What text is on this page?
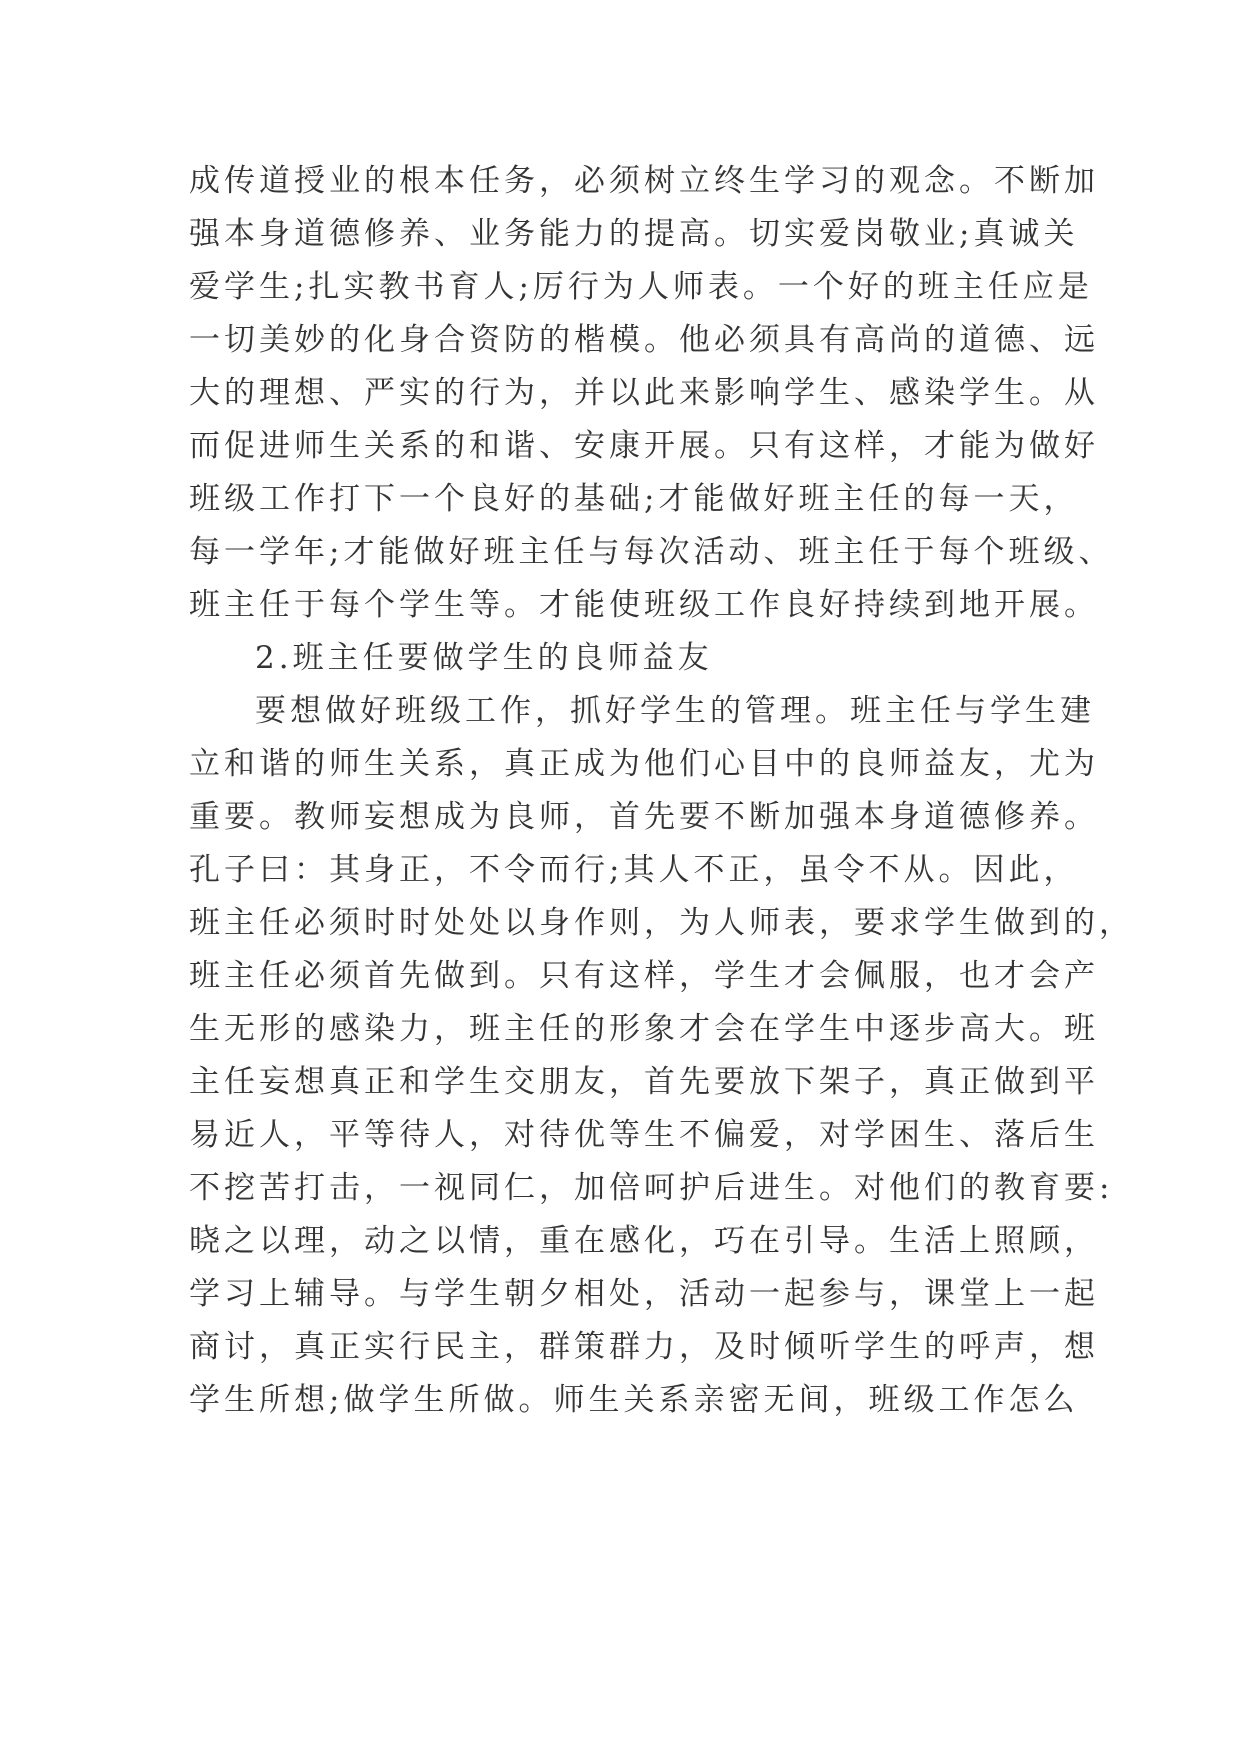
成传道授业的根本任务，必须树立终生学习的观念。不断加
强本身道德修养、业务能力的提高。切实爱岗敬业;真诚关
爱学生;扎实教书育人;厉行为人师表。一个好的班主任应是
一切美妙的化身合资防的楷模。他必须具有高尚的道德、远
大的理想、严实的行为，并以此来影响学生、感染学生。从
而促进师生关系的和谐、安康开展。只有这样，才能为做好
班级工作打下一个良好的基础;才能做好班主任的每一天，
每一学年;才能做好班主任与每次活动、班主任于每个班级、
班主任于每个学生等。才能使班级工作良好持续到地开展。
2.班主任要做学生的良师益友
要想做好班级工作，抓好学生的管理。班主任与学生建
立和谐的师生关系，真正成为他们心目中的良师益友，尤为
重要。教师妄想成为良师，首先要不断加强本身道德修养。
孔子曰：其身正，不令而行;其人不正，虽令不从。因此，
班主任必须时时处处以身作则，为人师表，要求学生做到的，
班主任必须首先做到。只有这样，学生才会佩服，也才会产
生无形的感染力，班主任的形象才会在学生中逐步高大。班
主任妄想真正和学生交朋友，首先要放下架子，真正做到平
易近人，平等待人，对待优等生不偏爱，对学困生、落后生
不挖苦打击，一视同仁，加倍呵护后进生。对他们的教育要:
晓之以理，动之以情，重在感化，巧在引导。生活上照顾，
学习上辅导。与学生朝夕相处，活动一起参与，课堂上一起
商讨，真正实行民主，群策群力，及时倾听学生的呼声，想
学生所想;做学生所做。师生关系亲密无间，班级工作怎么
